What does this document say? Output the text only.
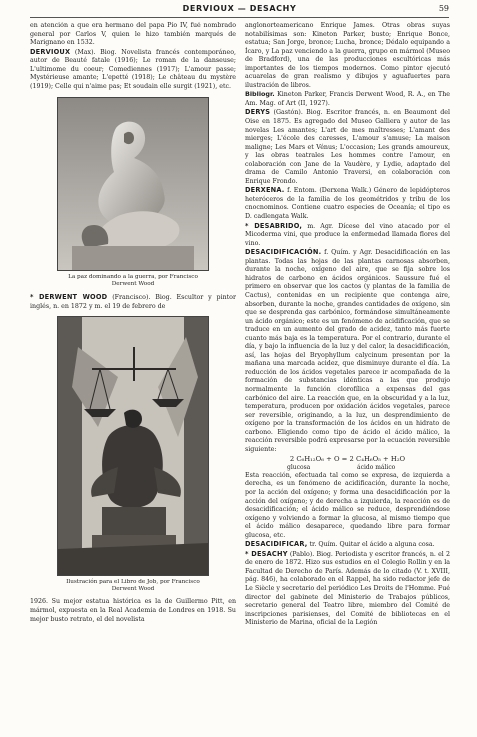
DERVIOUX — DESACHY	59

en atención a que era hermano del papa Pío IV, fué nombrado general por Carlos V, quien le hizo también marqués de Marignano en 1532.

DERVIOUX (Max). Biog. Novelista francés contemporáneo, autor de Beauté fatale (1916); Le roman de la danseuse; L'ultimome du coeur; Comediennes (1917); L'amour passe; Mystérieuse amante; L'epetté (1918); Le château du mystère (1919); Celle qui n'aime pas; Et soudain elle surgit (1921), etc.

La paz dominando a la guerra, por Francisco Derwent Wood

* DERWENT WOOD (Francisco). Biog. Escultor y pintor inglés, n. en 1872 y m. el 19 de febrero de

Ilustración para el Libro de Job, por Francisco Derwent Wood

1926. Su mejor estatua histórica es la de Guillermo Pitt, en mármol, expuesta en la Real Academia de Londres en 1918. Su mejor busto retrato, el del novelista

anglonorteamericano Enrique James. Otras obras suyas notabilísimas son: Kineton Parker, busto; Enrique Bonce, estatua; San Jorge, bronce; Lucha, bronce; Dédalo equipando a Ícaro, y La paz venciendo a la guerra, grupo en mármol (Museo de Bradford), una de las producciones escultóricas más importantes de los tiempos modernos. Como pintor ejecutó acuarelas de gran realismo y dibujos y aguafuertes para ilustración de libros.

Bibliogr. Kineton Parker, Francis Derwent Wood, R. A., en The Am. Mag. of Art (II, 1927).

DERYS (Gastón). Biog. Escritor francés, n. en Beaumont del Oise en 1875. Es agregado del Museo Galliera y autor de las novelas Les amantes; L'art de mes maîtresses; L'amant des mierges; L'école des caresses, L'amour s'amuse; La maison maligne; Les Mars et Vénus; L'occasion; Les grands amoureux, y las obras teatrales Les hommes contre l'amour, en colaboración con Jane de la Vaudère, y Lydie, adaptado del drama de Camilo Antonio Traversi, en colaboración con Enrique Frondo.

DERXENA. f. Entom. (Derxena Walk.) Género de lepidópteros heteróceros de la familia de los geométridos y tribu de los cnocnominos. Contiene cuatro especies de Oceanía; el tipo es D. cadlengata Walk.

* DESABRIDO, m. Agr. Dícese del vino atacado por el Micoderma vini, que produce la enfermedad llamada flores del vino.

DESACIDIFICACIÓN. f. Quím. y Agr. Desacidificación en las plantas. Todas las hojas de las plantas carnosas absorben, durante la noche, oxígeno del aire, que se fija sobre los hidratos de carbono en ácidos orgánicos. Saussure fué el primero en observar que los cactos (y plantas de la familia de Cactus), contenidas en un recipiente que contenga aire, absorben, durante la noche, grandes cantidades de oxígeno, sin que se desprenda gas carbónico, formándose simultáneamente un ácido orgánico; este es un fenómeno de acidificación, que se traduce en un aumento del grado de acidez, tanto más fuerte cuanto más baja es la temperatura. Por el contrario, durante el día, y bajo la influencia de la luz y del calor, la desacidificación, así, las hojas del Bryophyllum calycinum presentan por la mañana una marcada acidez, que disminuye durante el día. La reducción de los ácidos vegetales parece ir acompañada de la formación de substancias idénticas a las que produjo normalmente la función clorofílica a expensas del gas carbónico del aire. La reacción que, en la obscuridad y a la luz, temperatura, producen por oxidación ácidos vegetales, parece ser reversible, originando, a la luz, un desprendimiento de oxígeno por la transformación de los ácidos en un hidrato de carbono. Eligiendo como tipo de ácido el ácido málico, la reacción reversible podrá expresarse por la ecuación reversible siguiente:

2 C₆H₁₂O₆ + O = 2 C₄H₆O₅ + H₂O
glucosa	ácido málico

Esta reacción, efectuada tal como se expresa, de izquierda a derecha, es un fenómeno de acidificación, durante la noche, por la acción del oxígeno; y forma una desacidificación por la acción del oxígeno; y de derecha a izquierda, la reacción es de desacidificación; el ácido málico se reduce, desprendiéndose oxígeno y volviendo a formar la glucosa, al mismo tiempo que el ácido málico desaparece, quedando libre para formar glucosa, etc.

DESACIDIFICAR, tr. Quím. Quitar el ácido a alguna cosa.

* DESACHY (Pablo). Biog. Periodista y escritor francés, n. el 2 de enero de 1872. Hizo sus estudios en el Colegio Rollin y en la Facultad de Derecho de París. Además de lo citado (V. t. XVIII, pág. 846), ha colaborado en el Rappel, ha sido redactor jefe de Le Siècle y secretario del periódico Les Droits de l'Homme. Fué director del gabinete del Ministerio de Trabajos públicos, secretario general del Teatro libre, miembro del Comité de inscripciones parisienses, del Comité de bibliotecas en el Ministerio de Marina, oficial de la Legión
